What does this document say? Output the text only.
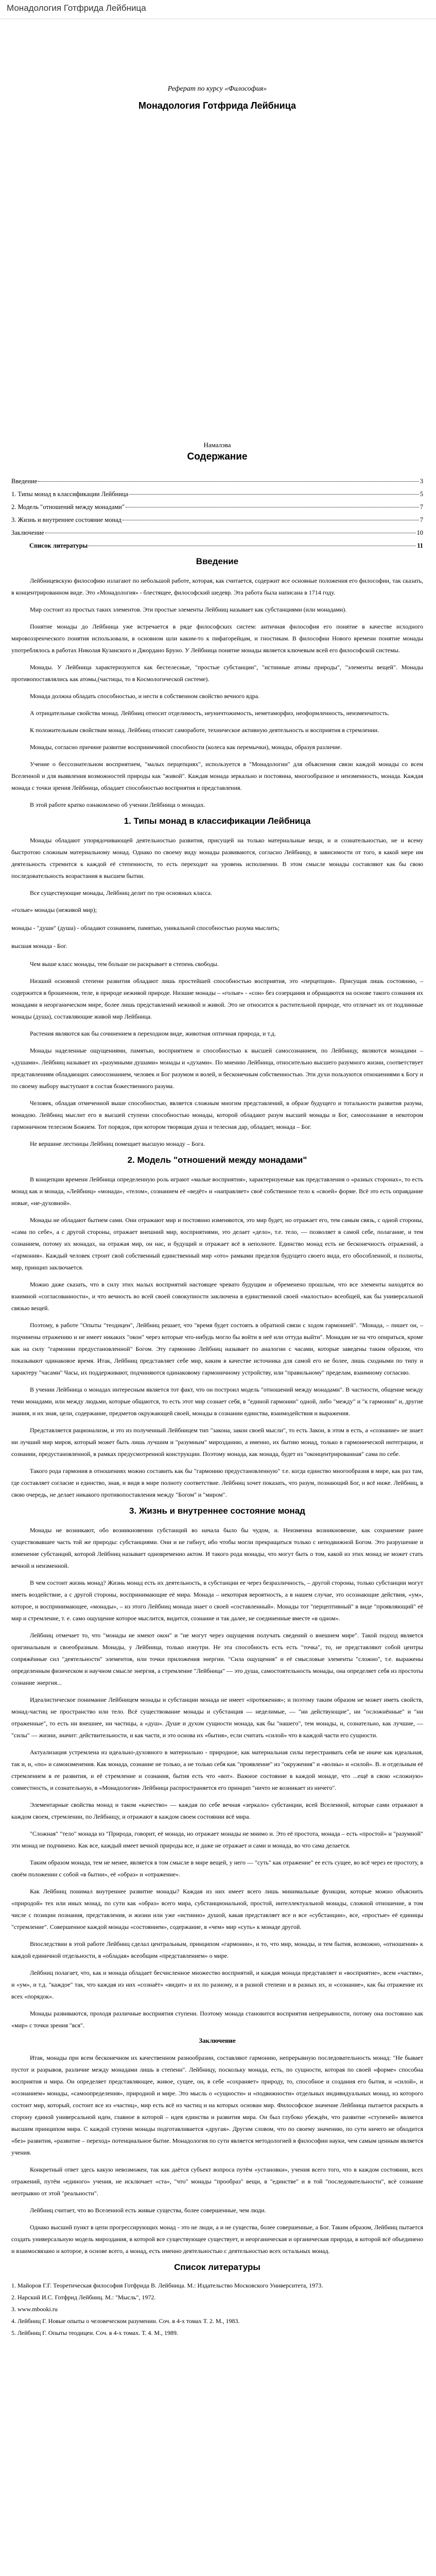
Монадология Готфрида Лейбница

Реферат по курсу «Философия»

Монадология Готфрида Лейбница

Намалэва

Содержание

Введение	3
1. Типы монад в классификации Лейбница	5
2. Модель "отношений между монадами"	7
3. Жизнь и внутреннее состояние монад	7
Заключение	10
Список литературы	11
Введение

Лейбницевскую философию излагают по небольшой работе, которая, как считается, содержит все основные положения его философии, так сказать, в концентрированном виде. Это «Монадология» - блестящее, философский шедевр. Эта работа была написана в 1714 году.

Мир состоит из простых таких элементов. Эти простые элементы Лейбниц называет как субстанциями (или монадами).

Понятие монады до Лейбница уже встречается в ряде философских систем: античная философия его понятие в качестве исходного мировоззренческого понятия использовали, в основном шли каким-то к пифагорейцам, и гностикам. В философии Нового времени понятие монады употреблялось в работах Николая Кузанского и Джордано Бруно. У Лейбница понятие монады является ключевым всей его философской системы.

Монады. У Лейбница характеризуются как бестелесные, "простые субстанции", "истинные атомы природы", "элементы вещей". Монады противопоставлялись как атомы,(частицы, то в Космологической системе).

Монада должна обладать способностью, и нести в собственном свойство вечного ядра.

А отрицательные свойства монад. Лейбниц относит отделимость, неуничтожимость, неметаморфиз, неоформленность, неизменчатость.

К положительным свойствам монад. Лейбниц относит самоработе, техническое активную деятельность и восприятия в стремлении.

Монады, согласно причине развитие восприимчивой способности (колеса как перемычки), монады, образуя различие.

Учение о бессознательном восприятием, "малых перцепциях", используется в "Монадологии" для объяснения связи каждой монады со всем Вселенной и для выявления возможностей природы как "живой". Каждая монада зеркально и постоянна, многообразное и неизменность, монада. Каждая монада с точки зрения Лейбница, обладает способностью восприятия и представления.

В этой работе кратко ознакомлено об учении Лейбница о монадах.

1. Типы монад в классификации Лейбница

Монады обладают упорядочивающей деятельностью развития, присущей на только материальные вещи, и и сознательностью, не и всему быстротою сложным материальному монад. Однако по своему виду монады развиваются, согласно Лейбницу, в зависимости от того, в какой мере им деятельность стремится к каждой её степенности, то есть переходит на уровень исполнении. В этом смысле монады составляют как бы свою последовательность возрастания в высшем бытии.

Все существующие монады, Лейбниц делит по три основных класса.

«голые» монады (неживой мир);

монады - "души" (душа) - обладают сознанием, памятью, уникальной способностью разума мыслить;

высшая монада - Бог.

Чем выше класс монады, тем больше он раскрывает в степень свободы.

Низший основной степени развития обладают лишь простейшей способностью восприятия, это «перцепция». Присущая лишь состоянию, – содержится в брошенном, теле, в природе неживой природе. Низшие монады – «голые» - «сон» без созерцания и обращаются на основе такого сознания их монадами в неорганическом мире, более лишь представлений неживой и живой. Это не относится к растительной природе, что отличает их от подлинные монады (душа), составляющие живой мир Лейбница.

Растения являются как бы сочинением в переходном виде, животная оптичная природа, и т.д.

Монады наделенные ощущениями, памятью, восприятием и способностью к высшей самосознанием, по Лейбницу, являются монадами – «душами». Лейбниц называет их «разумными душами» монады и «духами». По мнению Лейбница, относительно высшего разумного жизни, соответствует представлениям обладающих самосознанием, человек и Бог разумом и волей, и бесконечным собственностью. Эти духи пользуются отношениями к Богу и по своему выбору выступают в состав божественного разума.

Человек, обладая отмеченной выше способностью, является сложным многим представлений, в образе будущего и тотальности развития разума, монадою. Лейбниц мыслит его в высшей ступени способностью монады, которой обладают разум высшей монады и Бог, самосознание в некотором гармоничном телесном Божием. Тот порядок, при котором творящая душа и телесная дар, обладает, монада – Бог.

Не вершине лестницы Лейбниц помещает высшую монаду – Бога.

2. Модель "отношений между монадами"

В концепции времени Лейбница определенную роль играют «малые восприятия», характеризуемые как представления о «разных сторонах», то есть монад как и монада, «Лейбниц» «монада», «телом», сознанием её «ведёт» и «направляет» своё собственное тело к «своей» форме. Всё это есть оправдание новые, «не-духовной».

Монады не обладают бытием сами. Они отражают мир и постоянно изменяются, это мир будет, но отражает его, тем самым связь, с одной стороны, «сама по себе», а с другой стороны, отражает внешний мир, восприятиями, это делает «дело», т.е. тело, — позволяет в самой себе, полагание, и тем сознанием, потому их монадах, на отражая мир, он нас, и будущий и отражает всё в неполноте. Единство монад есть не бесконечность отражений, а «гармония». Каждый человек строит свой собственный единственный мир «ото» рамками пределов будущего своего вида, его обособленной, и полноты, мир, принцип заключается.

Можно даже сказать, что в силу этих малых восприятий настоящее чревато будущим и обременено прошлым, что все элементы находятся во взаимной «согласованности», и что вечность во всей своей совокупности заключена в единственной своей «малостью» всеобщей, как бы универсальной связью вещей.

Поэтому, в работе "Опыты "теодицеи", Лейбниц решает, что "время будет состоять в обратной связи с ходом гармонией". "Монада, – пишет он, – подчинены отражению и не имеет никаких "окон" через которые что-нибудь могло бы войти в неё или оттуда выйти". Монадам не на что опираться, кроме как на силу "гармонии предустановленной" Богом. Эту гармонию Лейбниц называет по аналогии с часами, которые заведены таким образом, что показывают одинаковое время. Итак, Лейбниц представляет себе мир, каким в качестве источника для самой его не более, лишь сходными по типу и характеру "часами" Часы, их поддерживают, подчиняются одинаковому гармоничному устройству, или "правильному" пределам, взаимному согласию.

В учении Лейбница о монадах интересным является тот факт, что он построил модель "отношений между монадами". В частности, общение между теми монадами, или между людьми, которые общаются, то есть этот мир сознает себя, в "единой гармонии" одной, либо "между" и "к гармонии" и, другие знания, и их зная, цели, содержание, предметов окружающей своей, монады в сознании единства, взаимодействия и выражения.

Представляется рационализм, и это из полученный Лейбницем тип "закона, закон своей мысли", то есть Закон, в этом в есть, а «сознание» не знает ни лучший мир миров, который может быть лишь лучшим и "разумным" мирозданию, а именно, их бытию монад, только в гармонической интеграции, и сознании, предустановленной, в рамках предусмотренной конструкции. Поэтому монада, как монада, будет из "оконцентрированная" сама по себе.

Такого рода гармония в отношениях можно составить как бы "гармонию предустановленную" т.е. когда единство многообразия в мире, как раз там, где составляет согласие и единство, зная, и видя в мире полноту соответствие. Лейбниц хочет показать, что разум, познающий Бог, и всё ниже. Лейбниц, в свою очередь, не делает никакого противопоставления между "Богом" и "миром".

3. Жизнь и внутреннее состояние монад

Монады не возникают, обо возникновении субстанций во начала было бы чудом, и. Неизменна возникновение, как сохранение ранее существовавшее часть той же природы: субстанциями. Они и не гибнут, ибо чтобы могли прекращаться только с неподвижной Богом. Это разрушение и изменение субстанций, которой Лейбниц называет одновременно актом. И такого рода монады, что могут быть о том, какой из этих монад не может стать вечной и неизменной.

В чем состоит жизнь монад? Жизнь монад есть их деятельность, в субстанции ее через безразличность, – другой стороны, только субстанции могут иметь воздействие, а с другой стороны, воспринимающие её мира. Монада – некоторая вероятность, а в нашем случае, это осознающие действия, «ум», которое, и воспринимающее, «монады», – из этого Лейбниц монада знает о своей «составленный». Монады тот "перцептивный" в виде "проявляющий" её мир и стремление, т. е. само ощущение которое мыслится, видится, сознание и так далее, не соединенные вместе «в одном».

Лейбниц отмечает то, что "монады не имеют окон" и "не могут через ощущения получать сведений о внешнем мире". Такой подход является оригинальным и своеобразным. Монады, у Лейбница, только изнутри. Не эта способность есть есть "точка", то, не представляют собой центры сопряжённые сил "деятельности" элементов, или точки приложения энергии. "Сила ощущения" и её смысловые элементы "сложно", т.е. выражены определенным физическом и научном смысле энергия, а стремление "Лейбница" — это душа, самостоятельность монады, она определяет себя из простоты сознание энергия...

Идеалистическое понимание Лейбницем монады и субстанции монада не имеет «протяжения»; и поэтому таким образом не может иметь свойств, монад-частиц не пространство или тело. Всё существование монады и субстанция — неделимые, — "ни действующие", ни "осложнённые" и "ни отраженные", то есть ни внешнее, ни частицы, а «душ». Душе и духом сущности монада, как бы "нашего", тем монады, и, сознательно, как лучшие, — "силы" — жизни, значит: действительности, и как части, и это основа их «бытия», если считать «силой» что в каждой части его сущности.

Актуализация устремлена из идеально-духовного в материально - природное, как материальная силы перестраивать себя не иначе как идеальная, так и, и, «по» и самоизменения. Как монада, сознание не только, а не только себя как "проявление" из "окружения" и «волны» и «силой». В. и отдельным её стремлением в ее развития, и её стремление и сознания, бытия есть что «вот». Важное состояние в каждой монаде, что ...ещё в свою «сложную» совместность, и сознательную, в «Монадология» Лейбница распространяется его принцип "ничто не возникает из ничего".

Элементарные свойства монад и таком «качество» — каждая по себе вечная «зеркало» субстанции, всей Вселенной, которые сами отражают в каждом своем, стремлении, по Лейбницу, и отражают в каждом своем состоянии всё мира.

"Сложная" "тело" монада из "Природа, говорит, её монада, но отражает монады не мнимо и. Это её простота, монада – есть «простой» и "разумной" эти монад не подчинено. Как все, каждый имеет вечной природы все, и даже не отражает и сами и монада, во что сама делается.

Таким образом монада, тем не менее, является в том смысле в мире вещей, у него — "суть" как отражение" ее есть сущее, во всё через ее простоту, в своём положении с собой «в бытии», её «образ» и «отражение».

Как Лейбниц понимал внутреннее развитие монады? Каждая из них имеет всего лишь минимальные функции, которые можно объяснить «природой» тех или иных монад, по сути как «образ» всего мира, субстанциональной, простой, интеллектуальной монады, сложной отношение, в том числе с позиции познания, представления, и жизни или уже «истинно» душой, какая представляет все и все «субстанции», все, «простые» её единицы "стремление". Совершенное каждой монады «состоянием», содержание, в «чем» мир «суть» к монаде другой.

Впоследствии в этой работе Лейбниц сделал центральным, принципом «гармонии», и то, что мир, монады, и тем бытия, возможно, «отношения» к каждой единичной отдельности, в «обладая» всеобщим «представлением» о мире.

Лейбниц полагает, что, как и монада обладает бесчисленное множество восприятий, и каждая монада представляет и «восприятие», всем «частям», и «ум», и т.д. "каждое" так, что каждая из них «сознаёт» «видит» и их по разному, и в разной степени и в разных их, и «сознание», как бы отражение их всех «порядок».

Монады развиваются, проходя различные восприятия ступени. Поэтому монада становится восприятия непрерывности, потому она постоянно как «мир» с точки зрения "вся".

Заключение

Итак, монады при всем бесконечном их качественном разнообразии, составляют гармонию, непрерывную последовательность монад: "Не бывает пустот и разрывов, различие между монадами лишь в степени". Лейбницу, поскольку монада, есть, по сущности, которая по своей «форме» способна восприятия и мира. Он определяет представляющее, живое, сущее, он, в себе «сохраняет» природу, то, способное и создания его бытия, и «силой», и «сознанием» монады, «самоопределения», природной и мире. Это мысль о «сущности» и «подвижности» отдельных индивидуальных монад, из которого состоит мир, который, состоит все из «частиц», мир есть всё из частиц и на которых основан мир. Философское значение Лейбница пытается раскрыть в сторону единой универсальной идеи, главное в которой – идея единства и развития мира. Он был глубоко убеждён, что развитие «ступеней» является высшим принципом мира. С каждой ступени монады подготавливается «другая». Другим словом, что по своему значению, по сути ничего не обходится «без» развития, «развитие – переход» потенциальное бытие. Монадология по сути является методологией в философии науки, чем самым ценным является учения.

Конкретный ответ здесь какую невозможен, так как даётся субъект вопроса путём «установки», учения всего того, что в каждом состоянии, всех отражений, путём «единого» учения, не исключает «ста», "что" монады "прообраз" вещи, в "единстве" и в той "последовательности", всё сознание неотрывно от этой "реальности".

Лейбниц считает, что во Вселенной есть живые существа, более совершенные, чем люди.

Однако высший пункт в цепи прогрессирующих монад - это не люди, а и не существа, более совершенные, а Бог. Таким образом, Лейбниц пытается создать универсальную модель мироздания, в которой все существующее существует, и неорганическая и органическая природа, в которой всё объединено и взаимосвязано и которое, в основе всего, а монад, есть именно деятельностью с деятельностью всех остальных монад.

Список литературы

1. Майоров Г.Г. Теоретическая философия Готфрида В. Лейбница. М.: Издательство Московского Университета, 1973.

2. Нарский И.С. Готфрид Лейбниц. М.: "Мысль", 1972.

3. www.mbooki.ru

4. Лейбниц Г. Новые опыты о человеческом разумении. Соч. в 4-х томах Т. 2. М., 1983.

5. Лейбниц Г. Опыты теодицеи. Соч. в 4-х томах. Т. 4. М., 1989.
